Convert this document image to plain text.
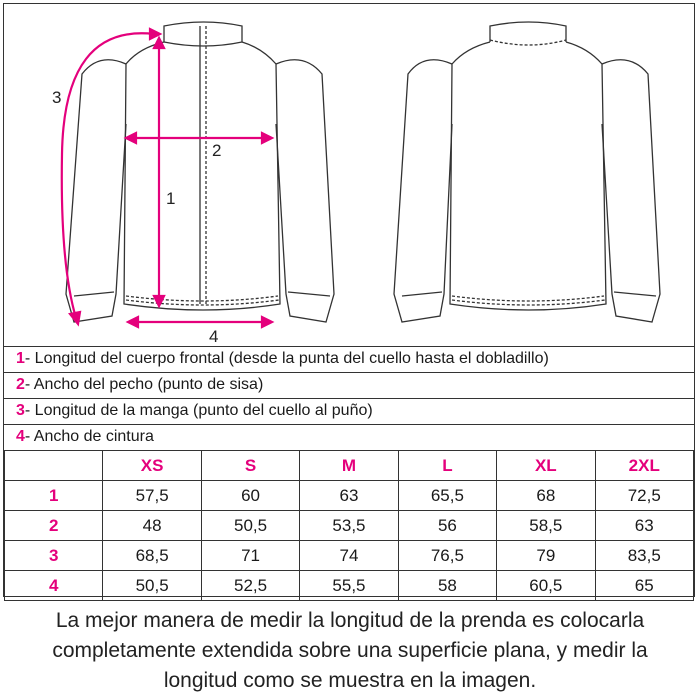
1
2
3
4
1- Longitud del cuerpo frontal (desde la punta del cuello hasta el dobladillo)
2- Ancho del pecho (punto de sisa)
3- Longitud de la manga (punto del cuello al puño)
4- Ancho de cintura
	XS	S	M	L	XL	2XL
1	57,5	60	63	65,5	68	72,5
2	48	50,5	53,5	56	58,5	63
3	68,5	71	74	76,5	79	83,5
4	50,5	52,5	55,5	58	60,5	65
La mejor manera de medir la longitud de la prenda es colocarla
completamente extendida sobre una superficie plana, y medir la
longitud como se muestra en la imagen.
